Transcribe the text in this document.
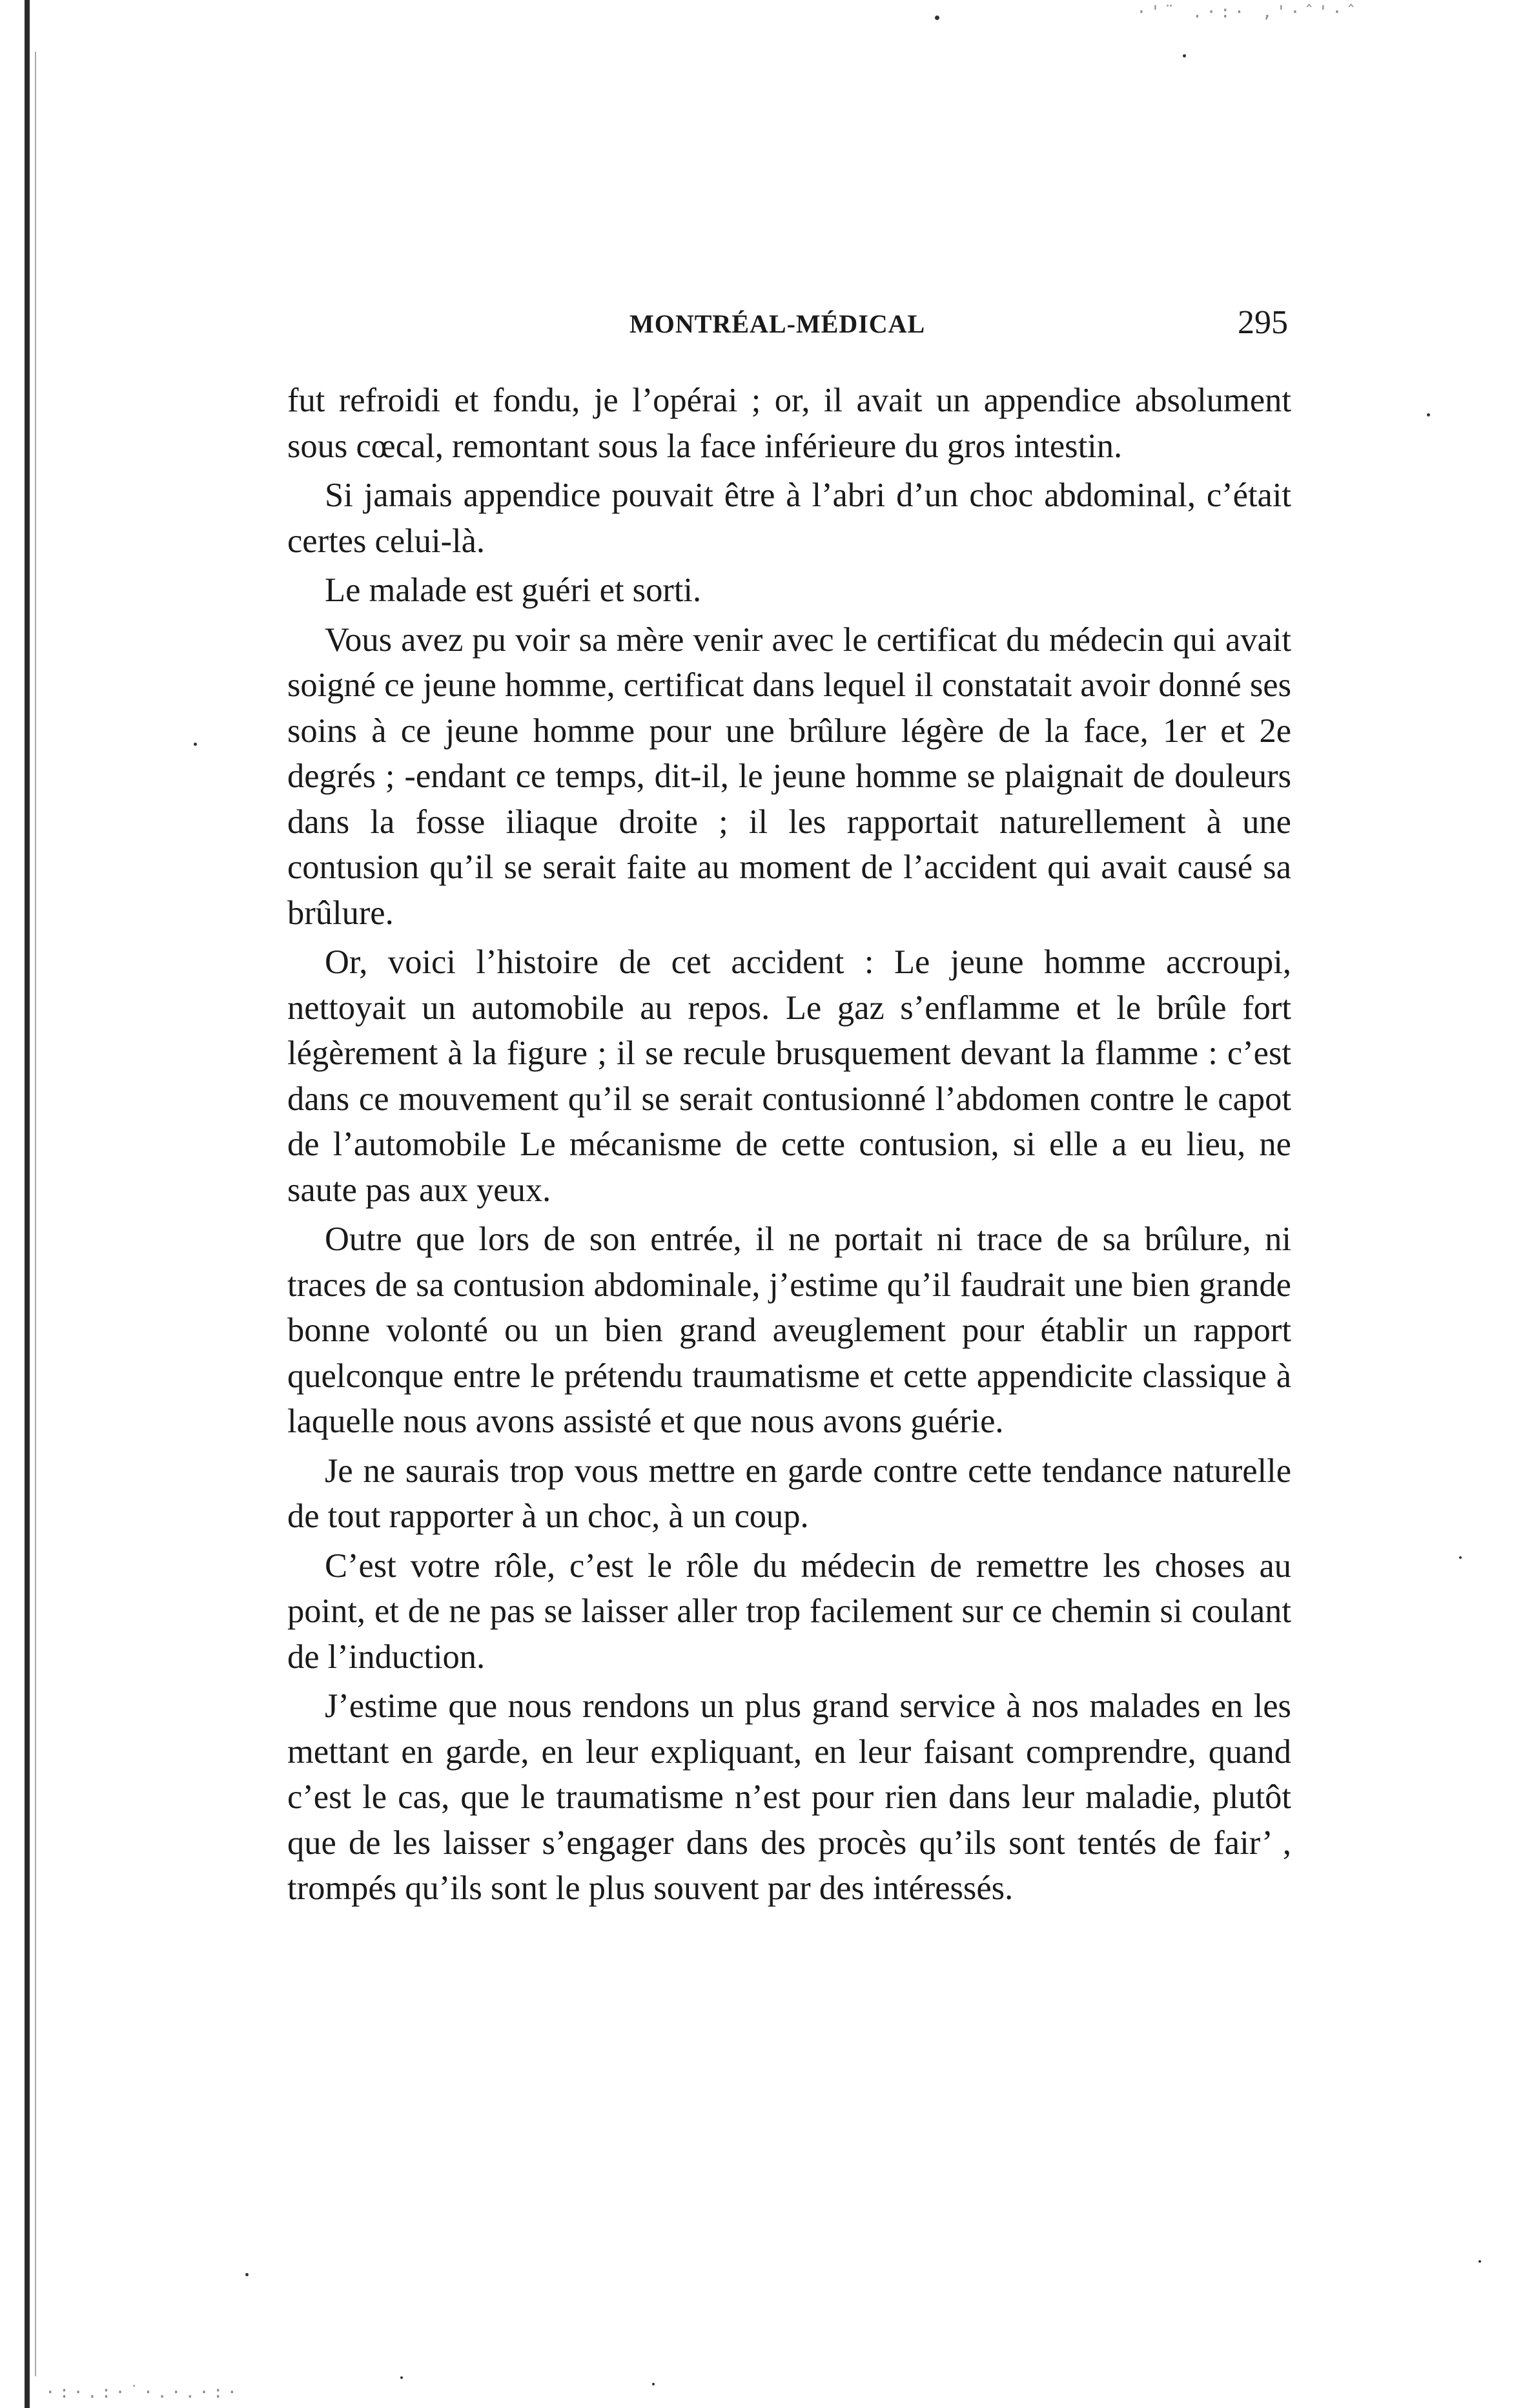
·'¨ .·:· ,'·ˆ'·ˆ
·:·.:·˙·.·.·:·
MONTRÉAL-MÉDICAL	295

fut refroidi et fondu, je l’opérai ; or, il avait un appendice absolument sous cœcal, remontant sous la face inférieure du gros intestin.

Si jamais appendice pouvait être à l’abri d’un choc abdominal, c’était certes celui-là.

Le malade est guéri et sorti.

Vous avez pu voir sa mère venir avec le certificat du médecin qui avait soigné ce jeune homme, certificat dans lequel il constatait avoir donné ses soins à ce jeune homme pour une brûlure légère de la face, 1er et 2e degrés ; -endant ce temps, dit-il, le jeune homme se plaignait de douleurs dans la fosse iliaque droite ; il les rapportait naturellement à une contusion qu’il se serait faite au moment de l’accident qui avait causé sa brûlure.

Or, voici l’histoire de cet accident : Le jeune homme accroupi, nettoyait un automobile au repos. Le gaz s’enflamme et le brûle fort légèrement à la figure ; il se recule brusquement devant la flamme : c’est dans ce mouvement qu’il se serait contusionné l’abdomen contre le capot de l’automobile Le mécanisme de cette contusion, si elle a eu lieu, ne saute pas aux yeux.

Outre que lors de son entrée, il ne portait ni trace de sa brûlure, ni traces de sa contusion abdominale, j’estime qu’il faudrait une bien grande bonne volonté ou un bien grand aveuglement pour établir un rapport quelconque entre le prétendu traumatisme et cette appendicite classique à laquelle nous avons assisté et que nous avons guérie.

Je ne saurais trop vous mettre en garde contre cette tendance naturelle de tout rapporter à un choc, à un coup.

C’est votre rôle, c’est le rôle du médecin de remettre les choses au point, et de ne pas se laisser aller trop facilement sur ce chemin si coulant de l’induction.

J’estime que nous rendons un plus grand service à nos malades en les mettant en garde, en leur expliquant, en leur faisant comprendre, quand c’est le cas, que le traumatisme n’est pour rien dans leur maladie, plutôt que de les laisser s’engager dans des procès qu’ils sont tentés de fair’ , trompés qu’ils sont le plus souvent par des intéressés.
